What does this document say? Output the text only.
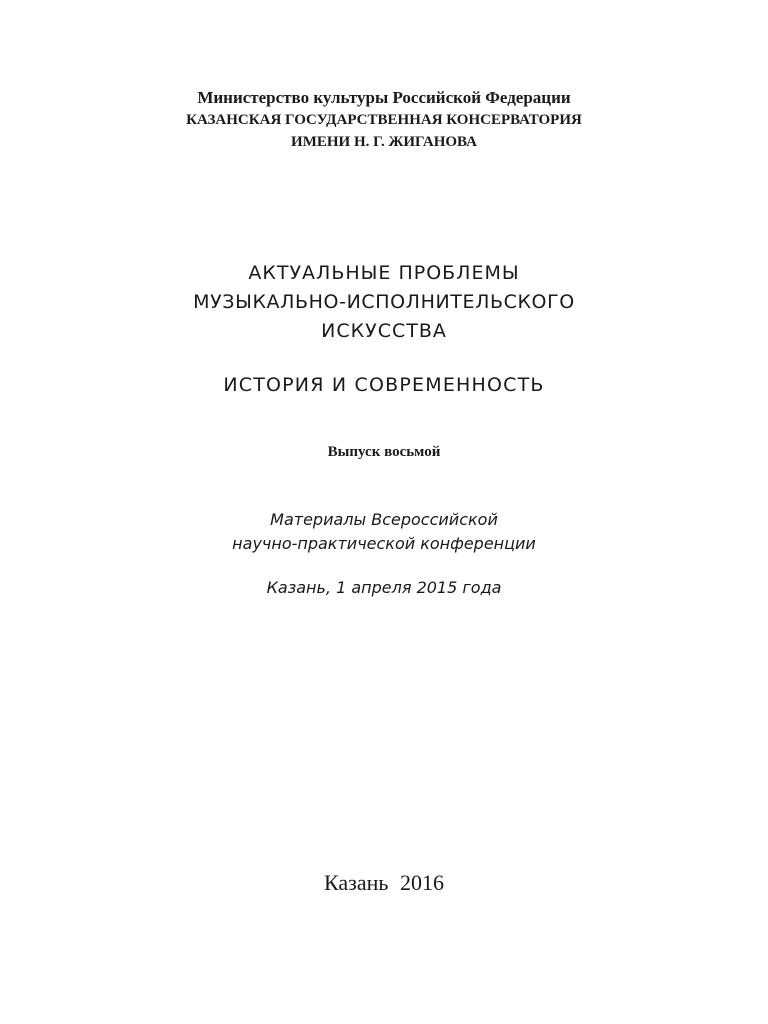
Министерство культуры Российской Федерации

КАЗАНСКАЯ ГОСУДАРСТВЕННАЯ КОНСЕРВАТОРИЯ

ИМЕНИ Н. Г. ЖИГАНОВА

АКТУАЛЬНЫЕ ПРОБЛЕМЫ

МУЗЫКАЛЬНО-ИСПОЛНИТЕЛЬСКОГО

ИСКУССТВА

ИСТОРИЯ И СОВРЕМЕННОСТЬ

Выпуск восьмой

Материалы Всероссийской

научно-практической конференции

Казань, 1 апреля 2015 года

Казань 2016
